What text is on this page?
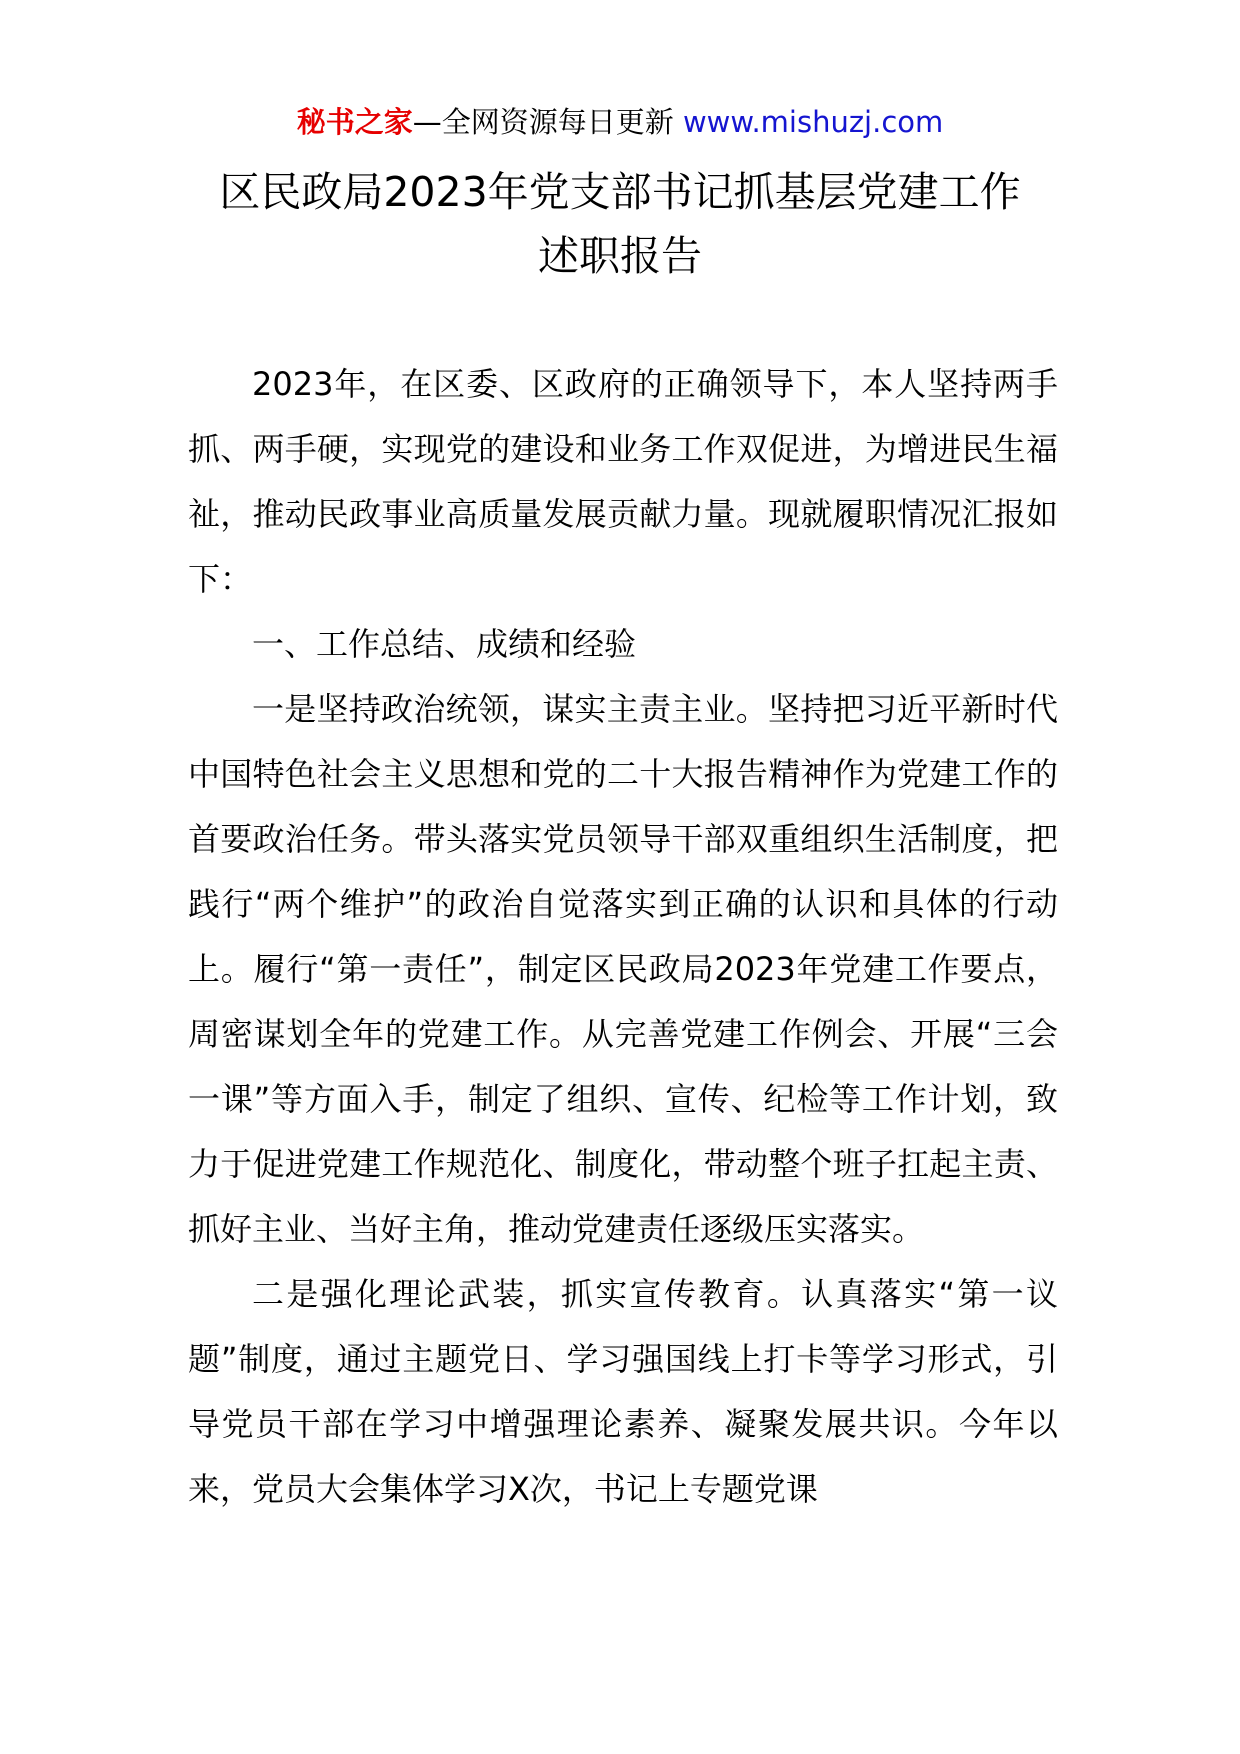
秘书之家—全网资源每日更新 www.mishuzj.com
区民政局2023年党支部书记抓基层党建工作
述职报告

2023年，在区委、区政府的正确领导下，本人坚持两手抓、两手硬，实现党的建设和业务工作双促进，为增进民生福祉，推动民政事业高质量发展贡献力量。现就履职情况汇报如下：

一、工作总结、成绩和经验

一是坚持政治统领，谋实主责主业。坚持把习近平新时代中国特色社会主义思想和党的二十大报告精神作为党建工作的首要政治任务。带头落实党员领导干部双重组织生活制度，把践行“两个维护”的政治自觉落实到正确的认识和具体的行动上。履行“第一责任”，制定区民政局2023年党建工作要点，周密谋划全年的党建工作。从完善党建工作例会、开展“三会一课”等方面入手，制定了组织、宣传、纪检等工作计划，致力于促进党建工作规范化、制度化，带动整个班子扛起主责、抓好主业、当好主角，推动党建责任逐级压实落实。

二是强化理论武装，抓实宣传教育。认真落实“第一议题”制度，通过主题党日、学习强国线上打卡等学习形式，引导党员干部在学习中增强理论素养、凝聚发展共识。今年以来，党员大会集体学习X次，书记上专题党课
